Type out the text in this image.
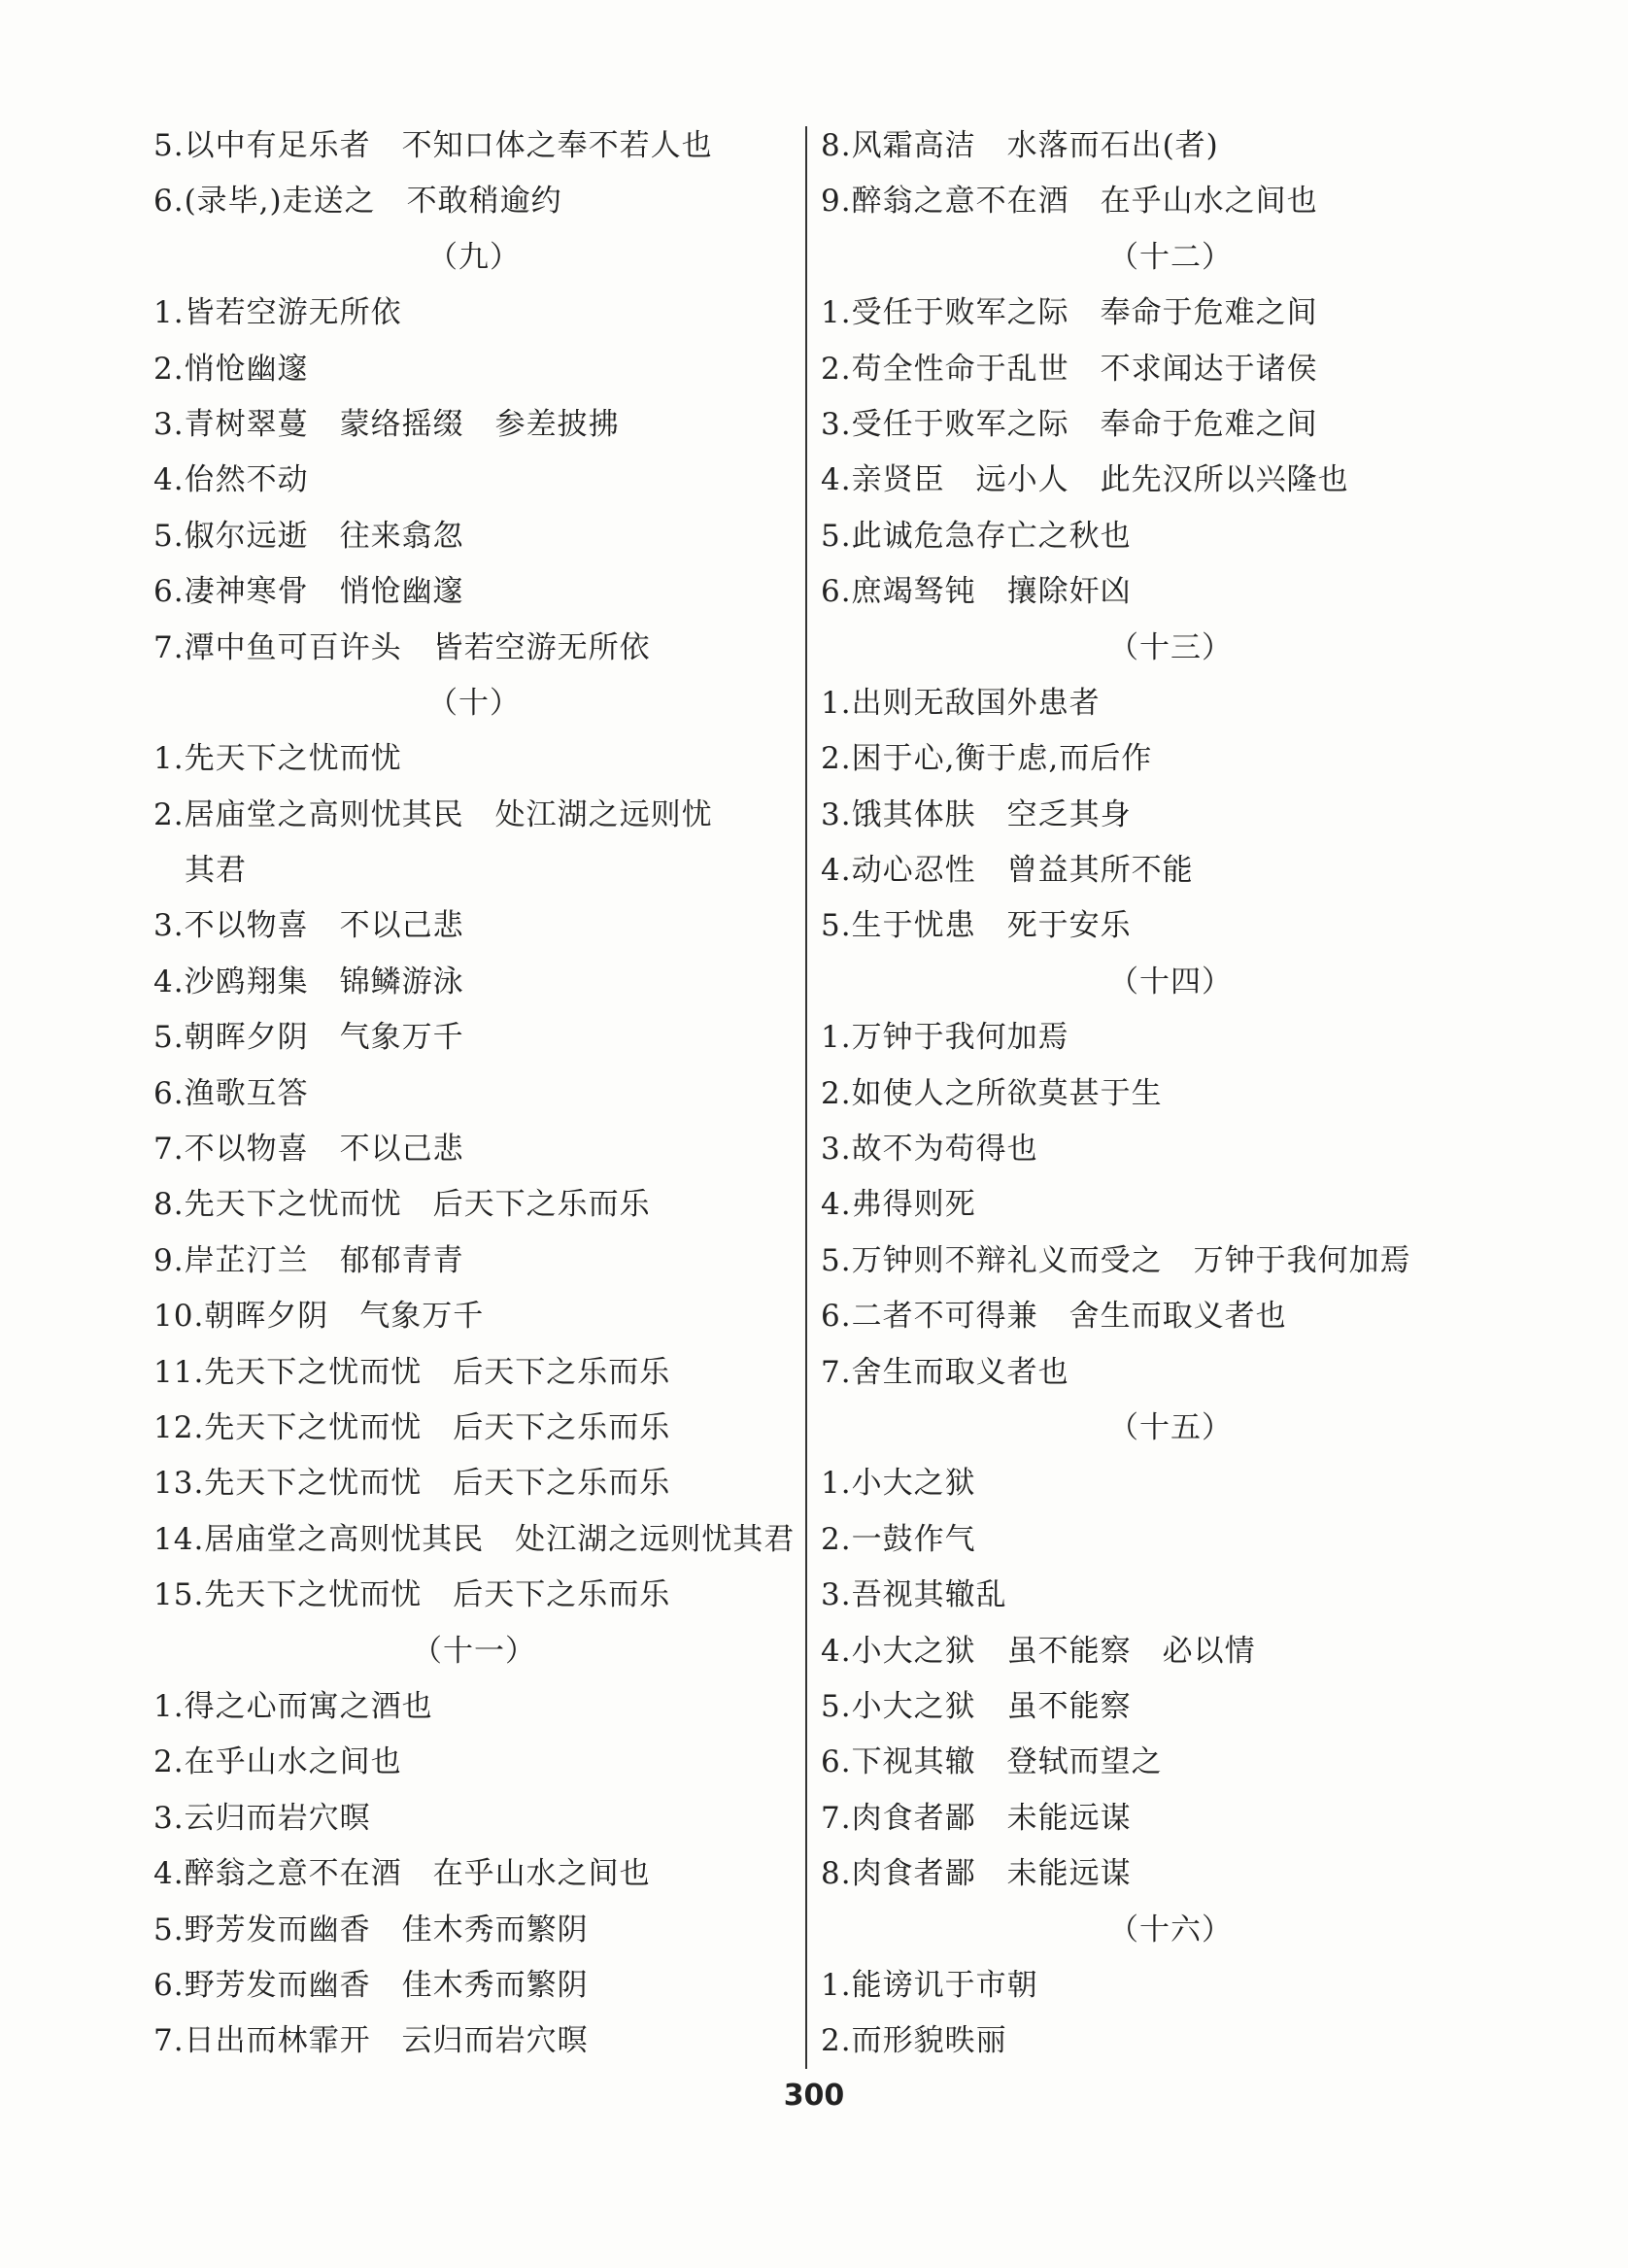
5.以中有足乐者　不知口体之奉不若人也
6.(录毕,)走送之　不敢稍逾约
（九）
1.皆若空游无所依
2.悄怆幽邃
3.青树翠蔓　蒙络摇缀　参差披拂
4.佁然不动
5.俶尔远逝　往来翕忽
6.凄神寒骨　悄怆幽邃
7.潭中鱼可百许头　皆若空游无所依
（十）
1.先天下之忧而忧
2.居庙堂之高则忧其民　处江湖之远则忧
其君
3.不以物喜　不以己悲
4.沙鸥翔集　锦鳞游泳
5.朝晖夕阴　气象万千
6.渔歌互答
7.不以物喜　不以己悲
8.先天下之忧而忧　后天下之乐而乐
9.岸芷汀兰　郁郁青青
10.朝晖夕阴　气象万千
11.先天下之忧而忧　后天下之乐而乐
12.先天下之忧而忧　后天下之乐而乐
13.先天下之忧而忧　后天下之乐而乐
14.居庙堂之高则忧其民　处江湖之远则忧其君
15.先天下之忧而忧　后天下之乐而乐
（十一）
1.得之心而寓之酒也
2.在乎山水之间也
3.云归而岩穴暝
4.醉翁之意不在酒　在乎山水之间也
5.野芳发而幽香　佳木秀而繁阴
6.野芳发而幽香　佳木秀而繁阴
7.日出而林霏开　云归而岩穴暝
8.风霜高洁　水落而石出(者)
9.醉翁之意不在酒　在乎山水之间也
（十二）
1.受任于败军之际　奉命于危难之间
2.苟全性命于乱世　不求闻达于诸侯
3.受任于败军之际　奉命于危难之间
4.亲贤臣　远小人　此先汉所以兴隆也
5.此诚危急存亡之秋也
6.庶竭驽钝　攘除奸凶
（十三）
1.出则无敌国外患者
2.困于心,衡于虑,而后作
3.饿其体肤　空乏其身
4.动心忍性　曾益其所不能
5.生于忧患　死于安乐
（十四）
1.万钟于我何加焉
2.如使人之所欲莫甚于生
3.故不为苟得也
4.弗得则死
5.万钟则不辩礼义而受之　万钟于我何加焉
6.二者不可得兼　舍生而取义者也
7.舍生而取义者也
（十五）
1.小大之狱
2.一鼓作气
3.吾视其辙乱
4.小大之狱　虽不能察　必以情
5.小大之狱　虽不能察
6.下视其辙　登轼而望之
7.肉食者鄙　未能远谋
8.肉食者鄙　未能远谋
（十六）
1.能谤讥于市朝
2.而形貌昳丽
300
